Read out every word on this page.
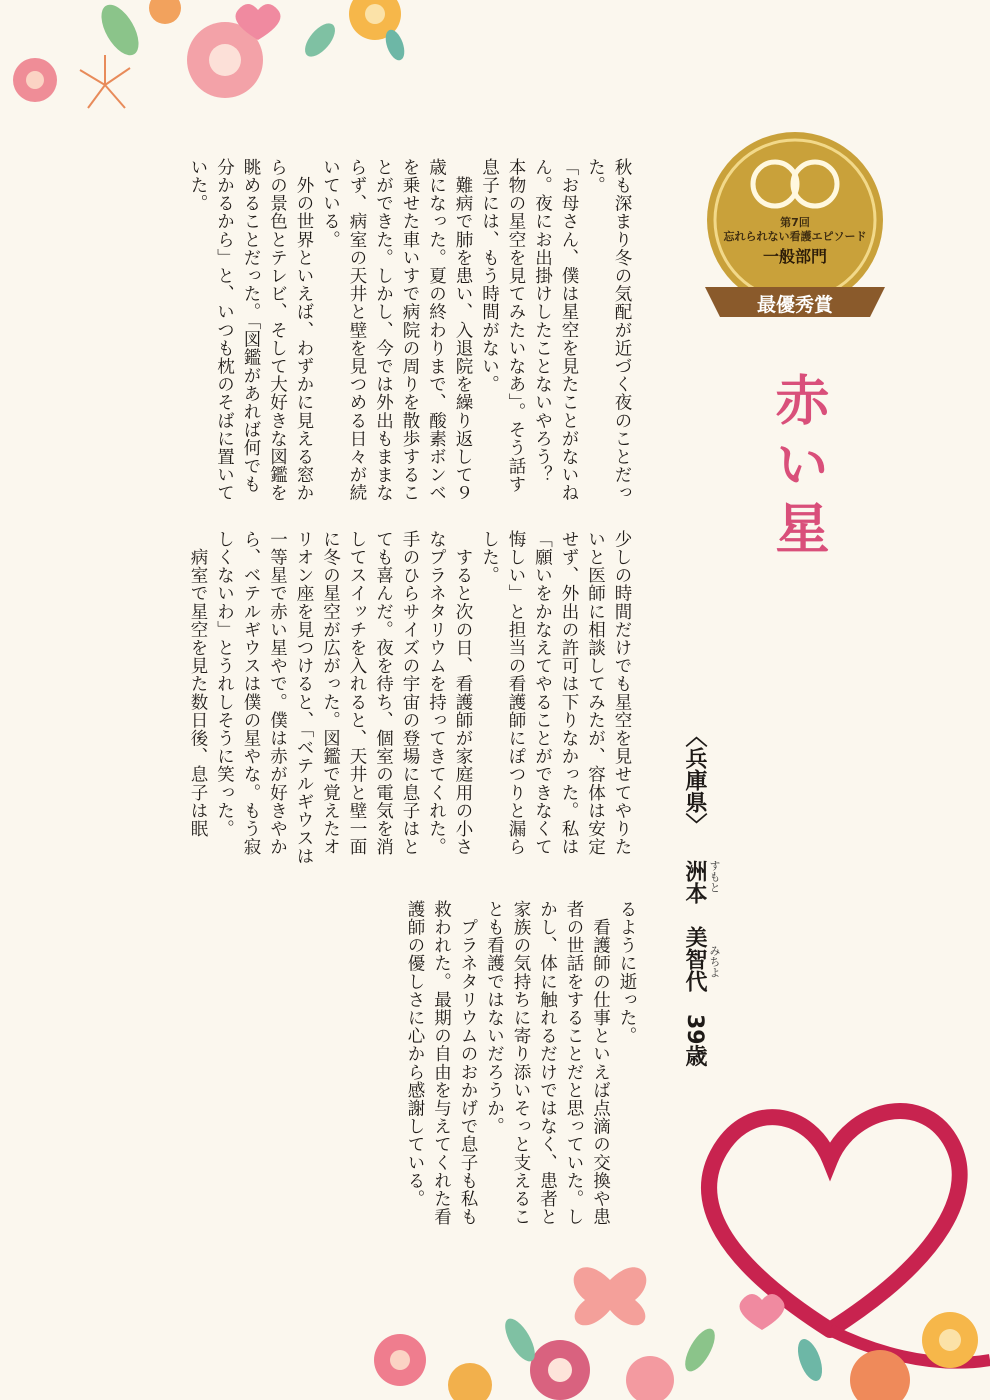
第7回
忘れられない看護エピソード
一般部門
最優秀賞
赤い星
〈兵庫県〉
洲本　美智代　39歳 すもと
みちよ
秋も深まり冬の気配が近づく夜のことだった。
「お母さん、僕は星空を見たことがないねん。夜にお出掛けしたことないやろう？　本物の星空を見てみたいなあ」。そう話す息子には、もう時間がない。
　難病で肺を患い、入退院を繰り返して９歳になった。夏の終わりまで、酸素ボンベを乗せた車いすで病院の周りを散歩することができた。しかし、今では外出もままならず、病室の天井と壁を見つめる日々が続いている。
　外の世界といえば、わずかに見える窓からの景色とテレビ、そして大好きな図鑑を眺めることだった。「図鑑があれば何でも分かるから」と、いつも枕のそばに置いていた。
少しの時間だけでも星空を見せてやりたいと医師に相談してみたが、容体は安定せず、外出の許可は下りなかった。私は「願いをかなえてやることができなくて悔しい」と担当の看護師にぽつりと漏らした。
　すると次の日、看護師が家庭用の小さなプラネタリウムを持ってきてくれた。手のひらサイズの宇宙の登場に息子はとても喜んだ。夜を待ち、個室の電気を消してスイッチを入れると、天井と壁一面に冬の星空が広がった。図鑑で覚えたオリオン座を見つけると、「ベテルギウスは一等星で赤い星やで。僕は赤が好きやから、ベテルギウスは僕の星やな。もう寂しくないわ」とうれしそうに笑った。
　病室で星空を見た数日後、息子は眠
るように逝った。
　看護師の仕事といえば点滴の交換や患者の世話をすることだと思っていた。しかし、体に触れるだけではなく、患者と家族の気持ちに寄り添いそっと支えることも看護ではないだろうか。
　プラネタリウムのおかげで息子も私も救われた。最期の自由を与えてくれた看護師の優しさに心から感謝している。
